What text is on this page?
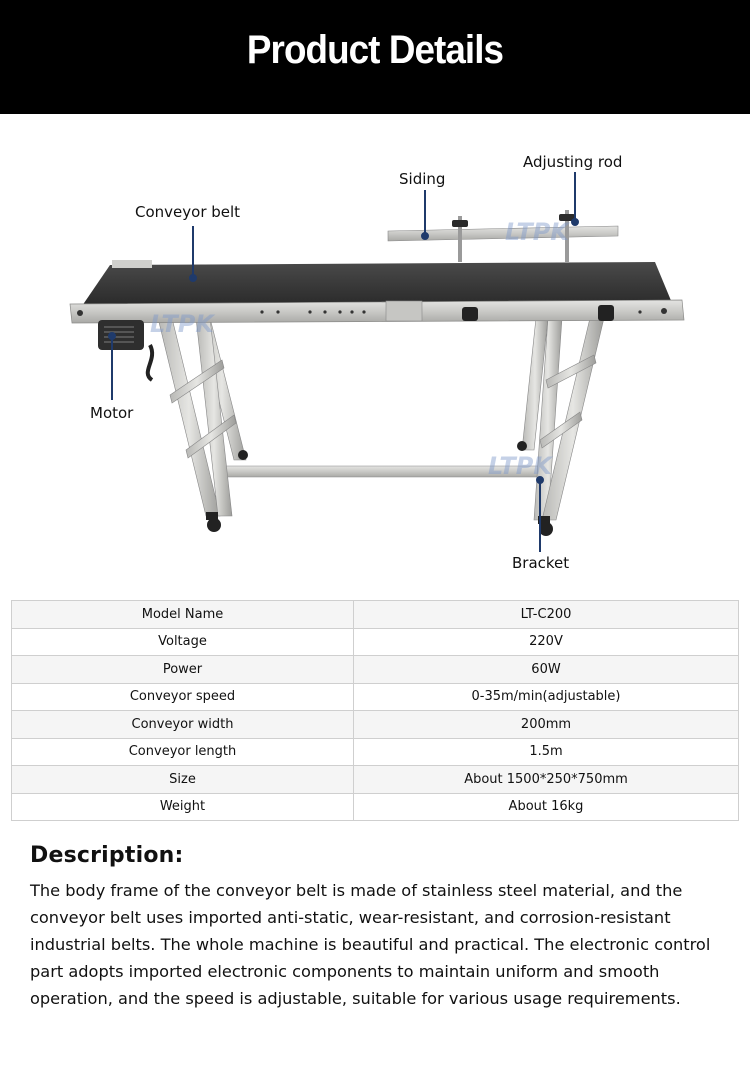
Product Details
LTPK
LTPK
LTPK
Conveyor belt
Siding
Adjusting rod
Motor
Bracket
Model Name	LT-C200
Voltage	220V
Power	60W
Conveyor speed	0-35m/min(adjustable)
Conveyor width	200mm
Conveyor length	1.5m
Size	About 1500*250*750mm
Weight	About 16kg
Description:
The body frame of the conveyor belt is made of stainless steel material, and the conveyor belt uses imported anti-static, wear-resistant, and corrosion-resistant industrial belts. The whole machine is beautiful and practical. The electronic control part adopts imported electronic components to maintain uniform and smooth operation, and the speed is adjustable, suitable for various usage requirements.
